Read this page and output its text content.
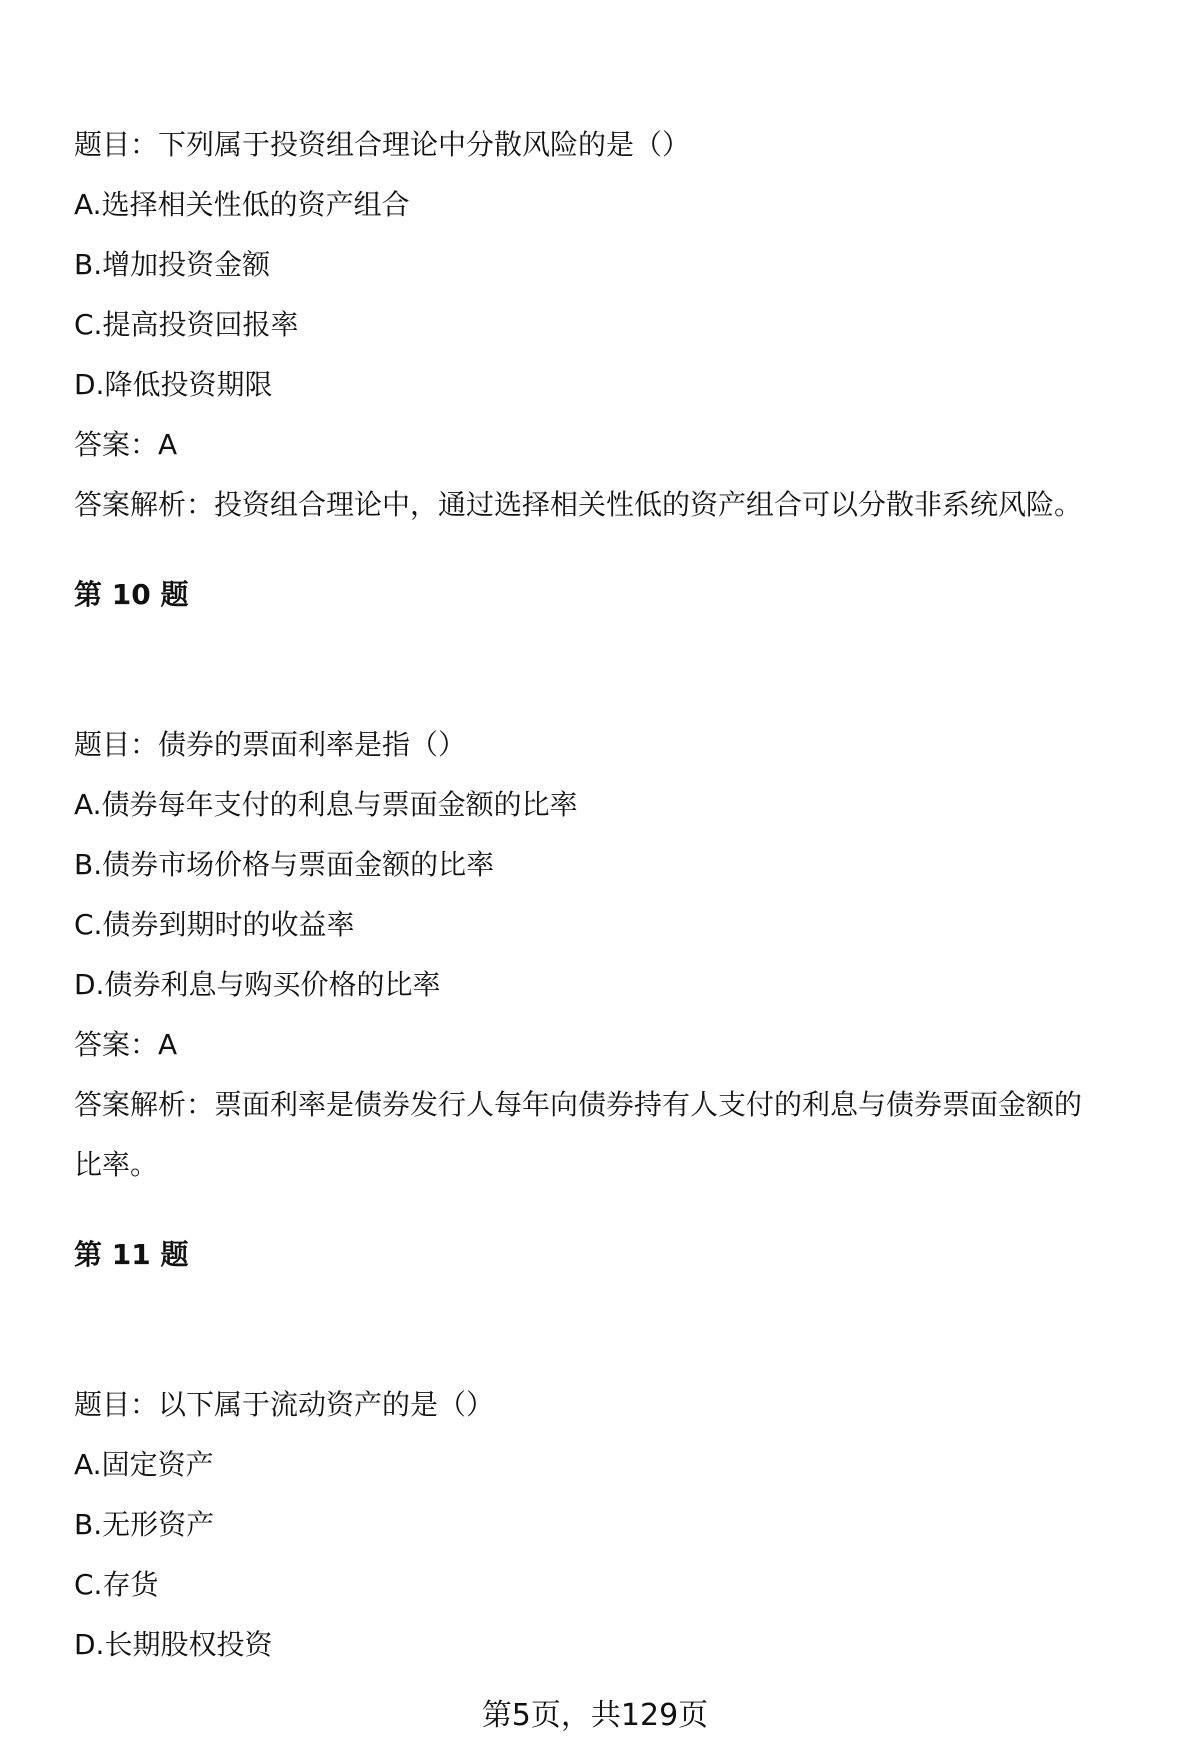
题目：下列属于投资组合理论中分散风险的是（）
A.选择相关性低的资产组合
B.增加投资金额
C.提高投资回报率
D.降低投资期限
答案：A
答案解析：投资组合理论中，通过选择相关性低的资产组合可以分散非系统风险。
第 10 题
题目：债券的票面利率是指（）
A.债券每年支付的利息与票面金额的比率
B.债券市场价格与票面金额的比率
C.债券到期时的收益率
D.债券利息与购买价格的比率
答案：A
答案解析：票面利率是债券发行人每年向债券持有人支付的利息与债券票面金额的
比率。
第 11 题
题目：以下属于流动资产的是（）
A.固定资产
B.无形资产
C.存货
D.长期股权投资
第5页，共129页
